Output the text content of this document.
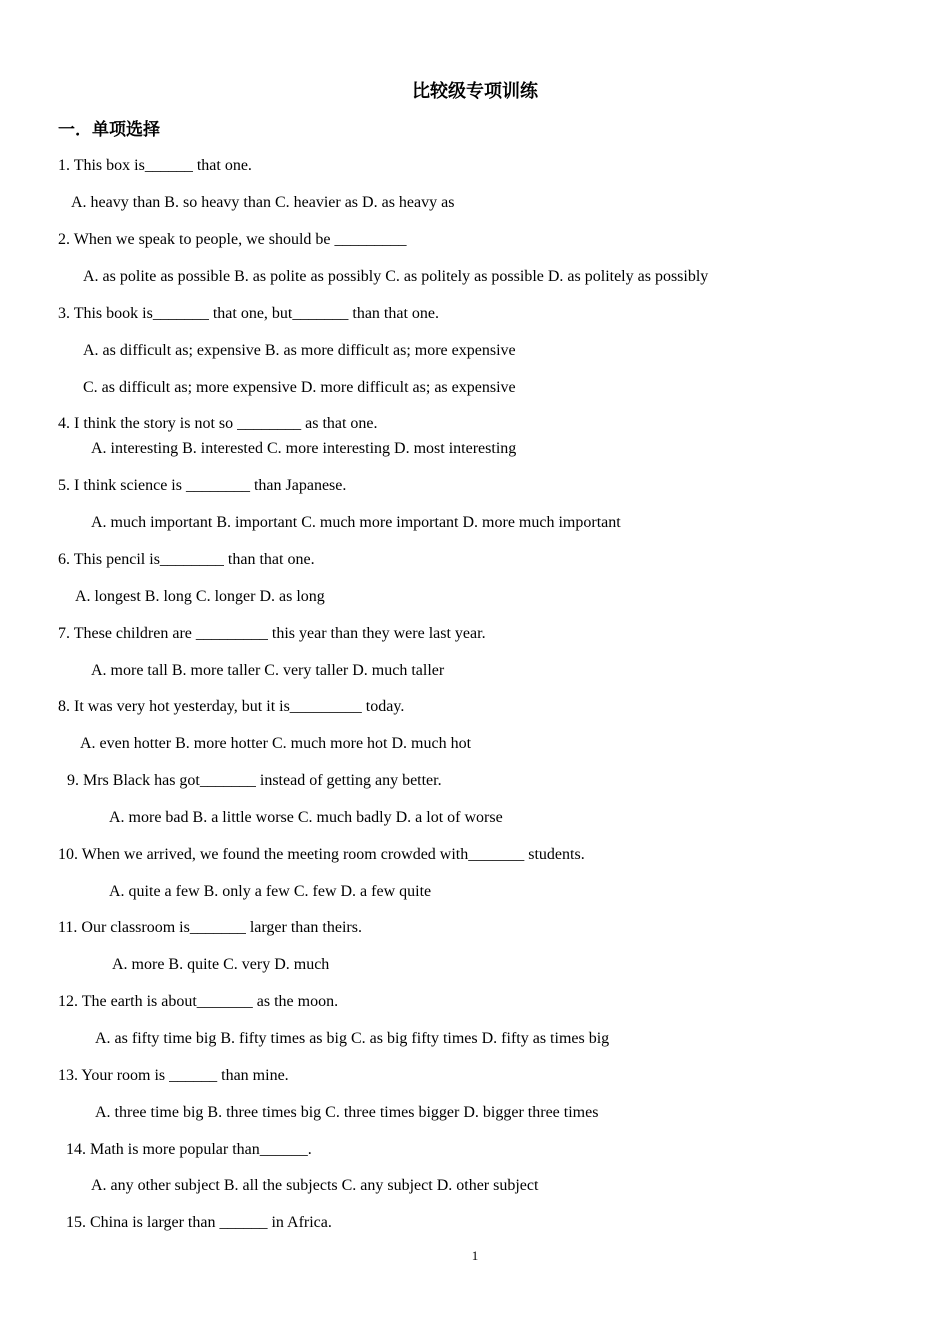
比较级专项训练
一．单项选择
1. This box is______ that one.
A. heavy than B. so heavy than C. heavier as D. as heavy as
2. When we speak to people, we should be _________
A. as polite as possible B. as polite as possibly C. as politely as possible D. as politely as possibly
3. This book is_______ that one, but_______ than that one.
A. as difficult as; expensive B. as more difficult as; more expensive
C. as difficult as; more expensive D. more difficult as; as expensive
4. I think the story is not so ________ as that one.
A. interesting B. interested C. more interesting D. most interesting
5. I think science is ________ than Japanese.
A. much important B. important C. much more important D. more much important
6. This pencil is________ than that one.
A. longest B. long C. longer D. as long
7. These children are _________ this year than they were last year.
A. more tall B. more taller C. very taller D. much taller
8. It was very hot yesterday, but it is_________ today.
A. even hotter B. more hotter C. much more hot D. much hot
9. Mrs Black has got_______ instead of getting any better.
A. more bad B. a little worse C. much badly D. a lot of worse
10. When we arrived, we found the meeting room crowded with_______ students.
A. quite a few B. only a few C. few D. a few quite
11. Our classroom is_______ larger than theirs.
A. more B. quite C. very D. much
12. The earth is about_______ as the moon.
A. as fifty time big B. fifty times as big C. as big fifty times D. fifty as times big
13. Your room is ______ than mine.
A. three time big B. three times big C. three times bigger D. bigger three times
14. Math is more popular than______.
A. any other subject B. all the subjects C. any subject D. other subject
15. China is larger than ______ in Africa.
1
